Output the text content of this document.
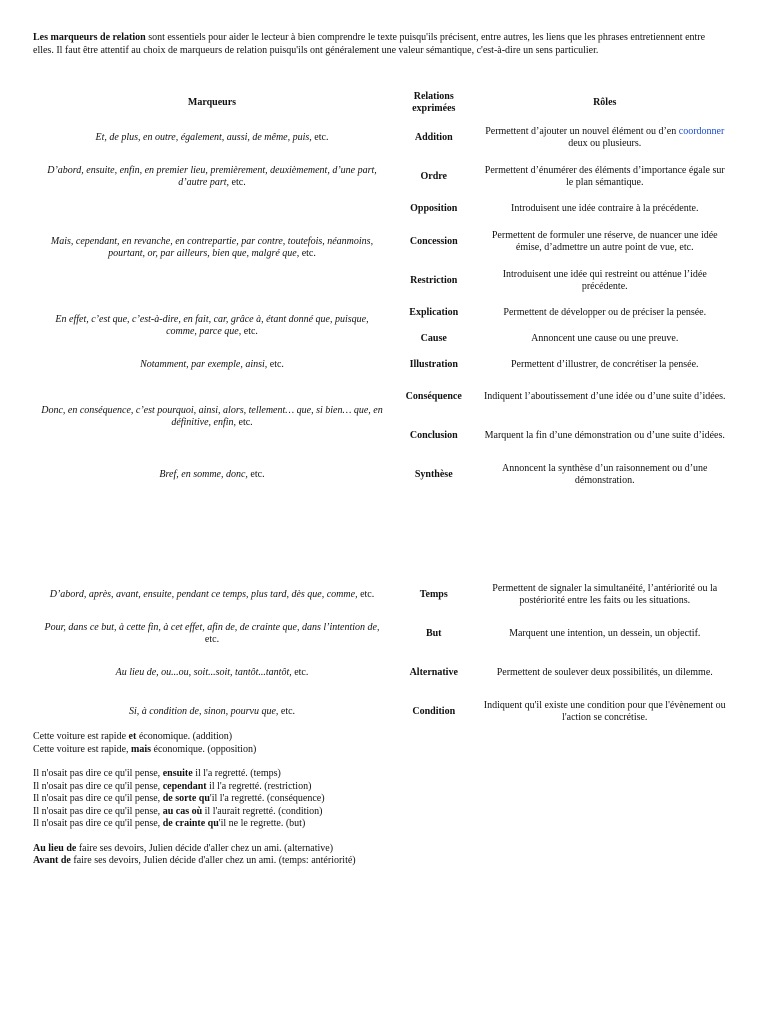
Les marqueurs de relation sont essentiels pour aider le lecteur à bien comprendre le texte puisqu'ils précisent, entre autres, les liens que les phrases entretiennent entre elles. Il faut être attentif au choix de marqueurs de relation puisqu'ils ont généralement une valeur sémantique, c'est-à-dire un sens particulier.
Marqueurs	Relations exprimées	Rôles
Et, de plus, en outre, également, aussi, de même, puis, etc.	Addition	Permettent d’ajouter un nouvel élément ou d’en coordonner deux ou plusieurs.
D’abord, ensuite, enfin, en premier lieu, premièrement, deuxièmement, d’une part, d’autre part, etc.	Ordre	Permettent d’énumérer des éléments d’importance égale sur le plan sémantique.
Mais, cependant, en revanche, en contrepartie, par contre, toutefois, néanmoins, pourtant, or, par ailleurs, bien que, malgré que, etc.	Opposition	Introduisent une idée contraire à la précédente.
	Concession	Permettent de formuler une réserve, de nuancer une idée émise, d’admettre un autre point de vue, etc.
	Restriction	Introduisent une idée qui restreint ou atténue l’idée précédente.
En effet, c’est que, c’est-à-dire, en fait, car, grâce à, étant donné que, puisque, comme, parce que, etc.	Explication	Permettent de développer ou de préciser la pensée.
	Cause	Annoncent une cause ou une preuve.
Notamment, par exemple, ainsi, etc.	Illustration	Permettent d’illustrer, de concrétiser la pensée.
Donc, en conséquence, c’est pourquoi, ainsi, alors, tellement… que, si bien… que, en définitive, enfin, etc.	Conséquence	Indiquent l’aboutissement d’une idée ou d’une suite d’idées.
	Conclusion	Marquent la fin d’une démonstration ou d’une suite d’idées.
Bref, en somme, donc, etc.	Synthèse	Annoncent la synthèse d’un raisonnement ou d’une démonstration.
D’abord, après, avant, ensuite, pendant ce temps, plus tard, dès que, comme, etc.	Temps	Permettent de signaler la simultanéité, l’antériorité ou la postériorité entre les faits ou les situations.
Pour, dans ce but, à cette fin, à cet effet, afin de, de crainte que, dans l’intention de, etc.	But	Marquent une intention, un dessein, un objectif.
Au lieu de, ou...ou, soit...soit, tantôt...tantôt, etc.	Alternative	Permettent de soulever deux possibilités, un dilemme.
Si, à condition de, sinon, pourvu que, etc.	Condition	Indiquent qu'il existe une condition pour que l'évènement ou l'action se concrétise.

Cette voiture est rapide et économique. (addition)

Cette voiture est rapide, mais économique. (opposition)

Il n'osait pas dire ce qu'il pense, ensuite il l'a regretté. (temps)

Il n'osait pas dire ce qu'il pense, cependant il l'a regretté. (restriction)

Il n'osait pas dire ce qu'il pense, de sorte qu'il l'a regretté. (conséquence)

Il n'osait pas dire ce qu'il pense, au cas où il l'aurait regretté. (condition)

Il n'osait pas dire ce qu'il pense, de crainte qu'il ne le regrette. (but)

Au lieu de faire ses devoirs, Julien décide d'aller chez un ami. (alternative)

Avant de faire ses devoirs, Julien décide d'aller chez un ami. (temps: antériorité)
